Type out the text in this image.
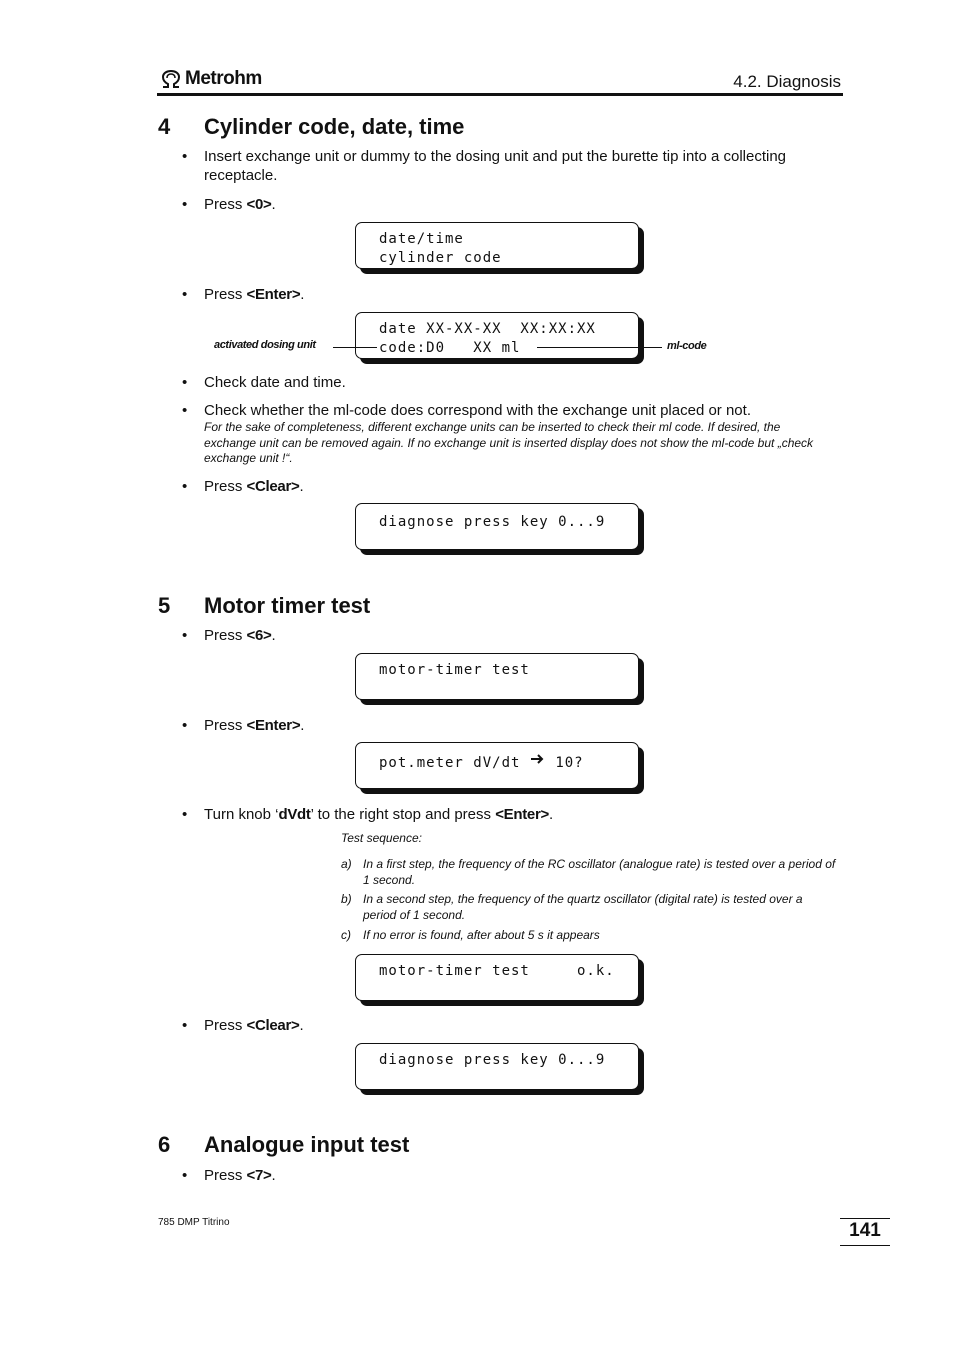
Metrohm	4.2. Diagnosis
4 Cylinder code, date, time
• Insert exchange unit or dummy to the dosing unit and put the burette tip into a collecting receptacle.
• Press <0>.
date/time
cylinder code
• Press <Enter>.
date XX-XX-XX  XX:XX:XX
code:D0   XX ml
activated dosing unit	ml-code
• Check date and time.
• Check whether the ml-code does correspond with the exchange unit placed or not.
For the sake of completeness, different exchange units can be inserted to check their ml code. If desired, the exchange unit can be removed again. If no exchange unit is inserted display does not show the ml-code but „check exchange unit !“.
• Press <Clear>.
diagnose press key 0...9
5 Motor timer test
• Press <6>.
motor-timer test
• Press <Enter>.
pot.meter dV/dt 10?
• Turn knob ‘dVdt’ to the right stop and press <Enter>.
Test sequence:
a) In a first step, the frequency of the RC oscillator (analogue rate) is tested over a period of 1 second.
b) In a second step, the frequency of the quartz oscillator (digital rate) is tested over a period of 1 second.
c) If no error is found, after about 5 s it appears
motor-timer test     o.k.
• Press <Clear>.
diagnose press key 0...9
6 Analogue input test
• Press <7>.
785 DMP Titrino	141
